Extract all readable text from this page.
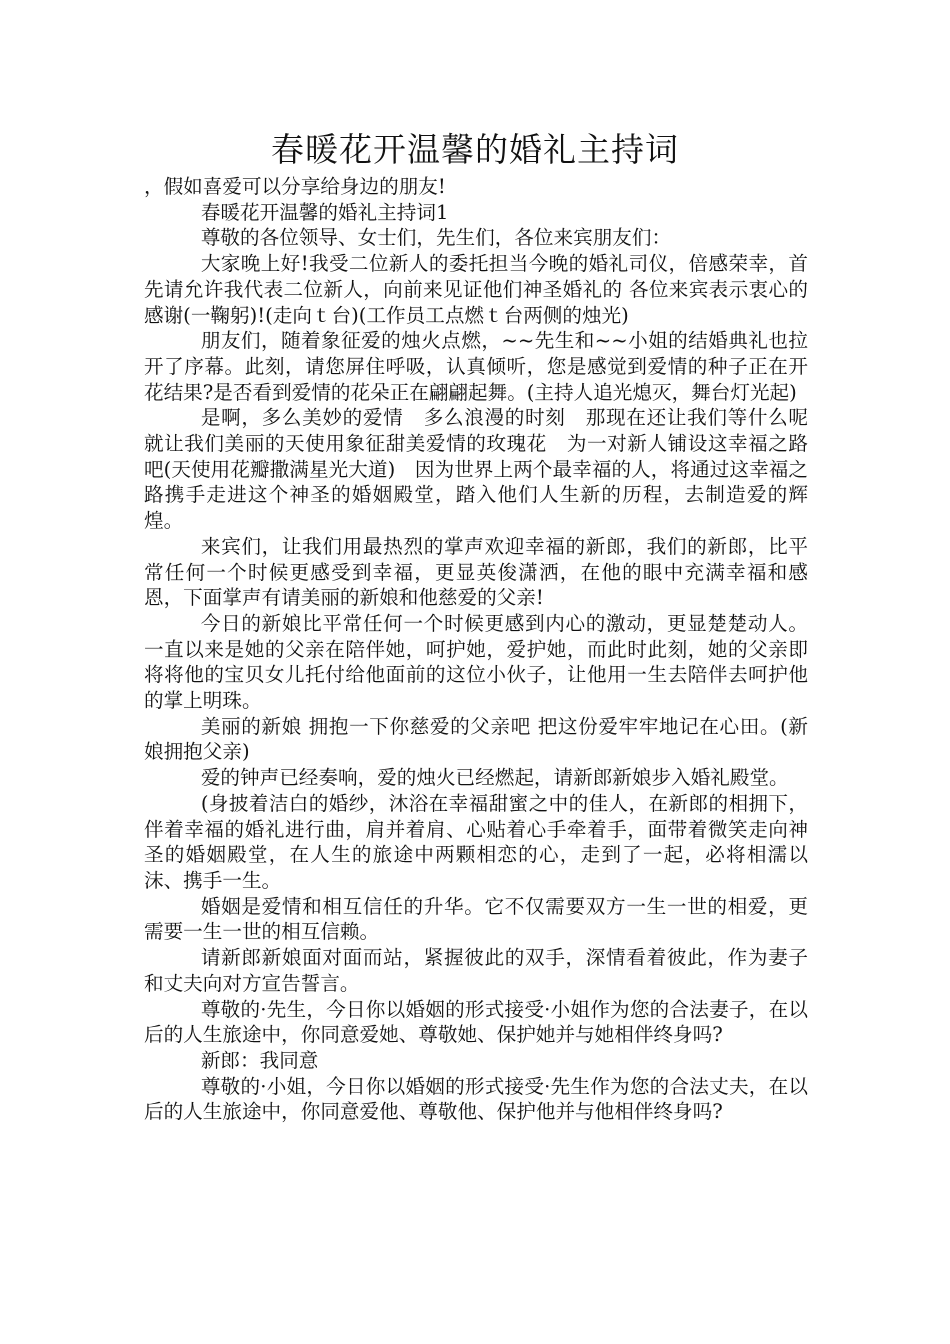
春暖花开温馨的婚礼主持词

，假如喜爱可以分享给身边的朋友!

春暖花开温馨的婚礼主持词1

尊敬的各位领导、女士们，先生们，各位来宾朋友们：

大家晚上好!我受二位新人的委托担当今晚的婚礼司仪，倍感荣幸，首先请允许我代表二位新人，向前来见证他们神圣婚礼的 各位来宾表示衷心的感谢(一鞠躬)!(走向ｔ台)(工作员工点燃ｔ台两侧的烛光)

朋友们，随着象征爱的烛火点燃，~~先生和~~小姐的结婚典礼也拉开了序幕。此刻，请您屏住呼吸，认真倾听，您是感觉到爱情的种子正在开花结果?是否看到爱情的花朵正在翩翩起舞。(主持人追光熄灭，舞台灯光起)

是啊，多么美妙的爱情　多么浪漫的时刻　那现在还让我们等什么呢　就让我们美丽的天使用象征甜美爱情的玫瑰花　为一对新人铺设这幸福之路吧(天使用花瓣撒满星光大道)　因为世界上两个最幸福的人，将通过这幸福之路携手走进这个神圣的婚姻殿堂，踏入他们人生新的历程，去制造爱的辉煌。

来宾们，让我们用最热烈的掌声欢迎幸福的新郎，我们的新郎，比平常任何一个时候更感受到幸福，更显英俊潇洒，在他的眼中充满幸福和感恩，下面掌声有请美丽的新娘和他慈爱的父亲!

今日的新娘比平常任何一个时候更感到内心的激动，更显楚楚动人。一直以来是她的父亲在陪伴她，呵护她，爱护她，而此时此刻，她的父亲即将将他的宝贝女儿托付给他面前的这位小伙子，让他用一生去陪伴去呵护他的掌上明珠。

美丽的新娘 拥抱一下你慈爱的父亲吧 把这份爱牢牢地记在心田。(新娘拥抱父亲)

爱的钟声已经奏响，爱的烛火已经燃起，请新郎新娘步入婚礼殿堂。

(身披着洁白的婚纱，沐浴在幸福甜蜜之中的佳人，在新郎的相拥下，伴着幸福的婚礼进行曲，肩并着肩、心贴着心手牵着手，面带着微笑走向神圣的婚姻殿堂，在人生的旅途中两颗相恋的心，走到了一起，必将相濡以沫、携手一生。

婚姻是爱情和相互信任的升华。它不仅需要双方一生一世的相爱，更需要一生一世的相互信赖。

请新郎新娘面对面而站，紧握彼此的双手，深情看着彼此，作为妻子和丈夫向对方宣告誓言。

尊敬的·先生，今日你以婚姻的形式接受·小姐作为您的合法妻子，在以后的人生旅途中，你同意爱她、尊敬她、保护她并与她相伴终身吗?

新郎：我同意

尊敬的·小姐，今日你以婚姻的形式接受·先生作为您的合法丈夫，在以后的人生旅途中，你同意爱他、尊敬他、保护他并与他相伴终身吗?
